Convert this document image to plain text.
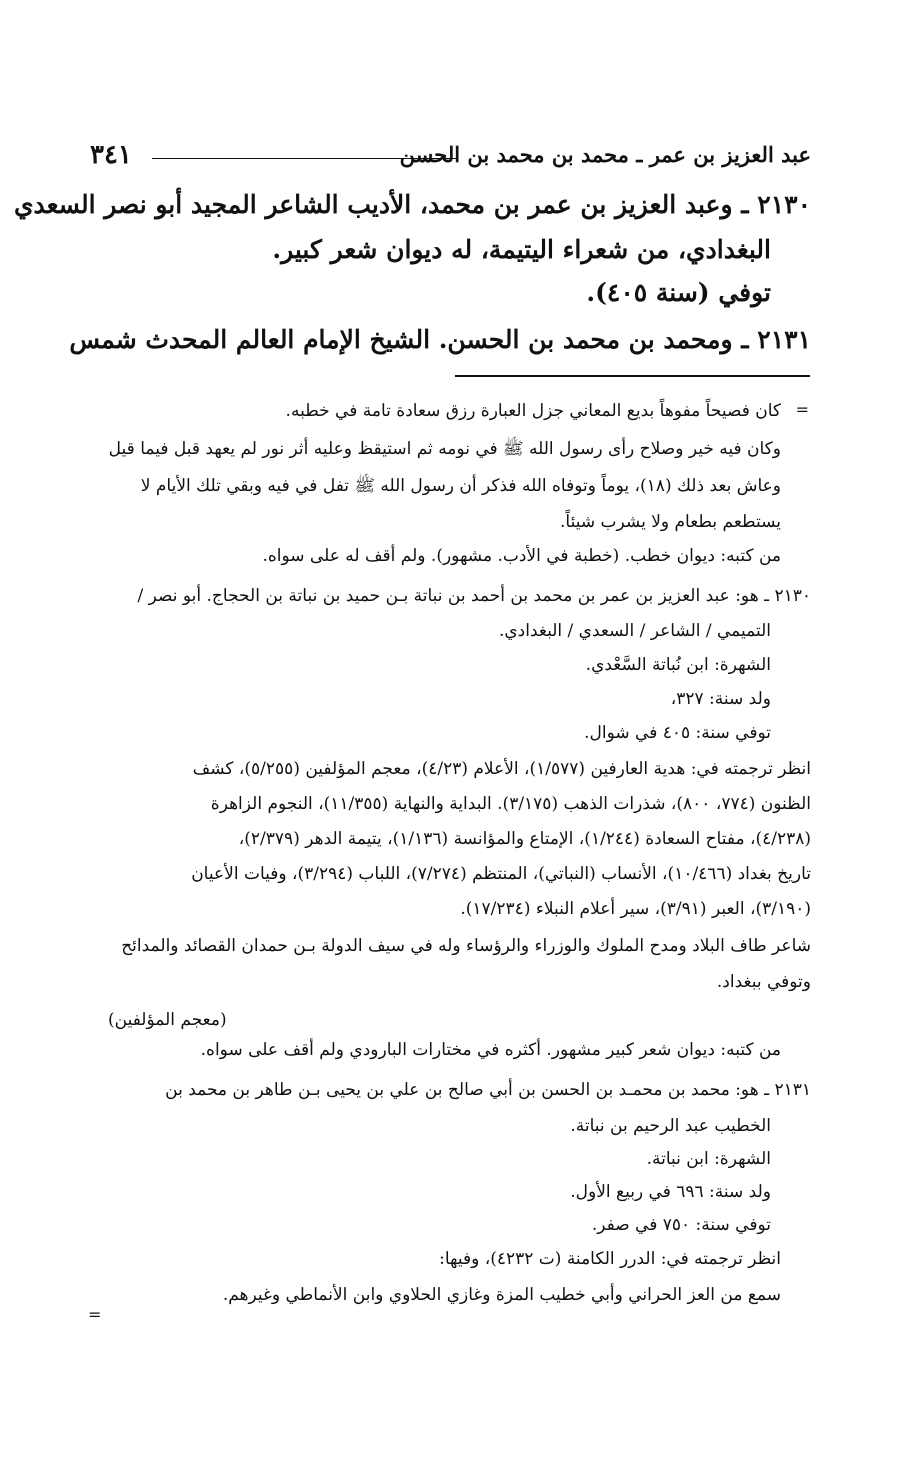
عبد العزيز بن عمر ـ محمد بن محمد بن الحسن
٣٤١
٢١٣٠ ـ وعبد العزيز بن عمر بن محمد، الأديب الشاعر المجيد أبو نصر السعدي
البغدادي، من شعراء اليتيمة، له ديوان شعر كبير.
توفي (سنة ٤٠٥).
٢١٣١ ـ ومحمد بن محمد بن الحسن. الشيخ الإمام العالم المحدث شمس
=
كان فصيحاً مفوهاً بديع المعاني جزل العبارة رزق سعادة تامة في خطبه.
وكان فيه خير وصلاح رأى رسول الله ﷺ في نومه ثم استيقظ وعليه أثر نور لم يعهد قبل فيما قيل
وعاش بعد ذلك (١٨)، يوماً وتوفاه الله فذكر أن رسول الله ﷺ تفل في فيه وبقي تلك الأيام لا
يستطعم بطعام ولا يشرب شيئاً.
من كتبه: ديوان خطب. (خطبة في الأدب. مشهور). ولم أقف له على سواه.
٢١٣٠ ـ هو: عبد العزيز بن عمر بن محمد بن أحمد بن نباتة بـن حميد بن نباتة بن الحجاج. أبو نصر /
التميمي / الشاعر / السعدي / البغدادي.
الشهرة: ابن نُباتة السَّعْدي.
ولد سنة: ٣٢٧،
توفي سنة: ٤٠٥ في شوال.
انظر ترجمته في: هدية العارفين (١/٥٧٧)، الأعلام (٤/٢٣)، معجم المؤلفين (٥/٢٥٥)، كشف
الظنون (٧٧٤، ٨٠٠)، شذرات الذهب (٣/١٧٥). البداية والنهاية (١١/٣٥٥)، النجوم الزاهرة
(٤/٢٣٨)، مفتاح السعادة (١/٢٤٤)، الإمتاع والمؤانسة (١/١٣٦)، يتيمة الدهر (٢/٣٧٩)،
تاريخ بغداد (١٠/٤٦٦)، الأنساب (النباتي)، المنتظم (٧/٢٧٤)، اللباب (٣/٢٩٤)، وفيات الأعيان
(٣/١٩٠)، العبر (٣/٩١)، سير أعلام النبلاء (١٧/٢٣٤).
شاعر طاف البلاد ومدح الملوك والوزراء والرؤساء وله في سيف الدولة بـن حمدان القصائد والمدائح
وتوفي ببغداد.
(معجم المؤلفين)
من كتبه: ديوان شعر كبير مشهور. أكثره في مختارات البارودي ولم أقف على سواه.
٢١٣١ ـ هو: محمد بن محمـد بن الحسن بن أبي صالح بن علي بن يحيى بـن طاهر بن محمد بن
الخطيب عبد الرحيم بن نباتة.
الشهرة: ابن نباتة.
ولد سنة: ٦٩٦ في ربيع الأول.
توفي سنة: ٧٥٠ في صفر.
انظر ترجمته في: الدرر الكامنة (ت ٤٢٣٢)، وفيها:
سمع من العز الحراني وأبي خطيب المزة وغازي الحلاوي وابن الأنماطي وغيرهم.
=
